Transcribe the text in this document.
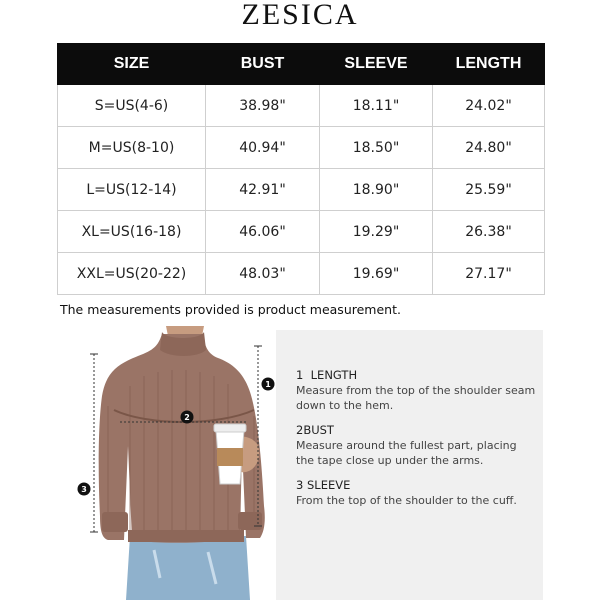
ZESICA
SIZE	BUST	SLEEVE	LENGTH
S=US(4-6)	38.98"	18.11"	24.02"
M=US(8-10)	40.94"	18.50"	24.80"
L=US(12-14)	42.91"	18.90"	25.59"
XL=US(16-18)	46.06"	19.29"	26.38"
XXL=US(20-22)	48.03"	19.69"	27.17"
The measurements provided is product measurement.
1
2
3
1 LENGTH
Measure from the top of the shoulder seam down to the hem.
2BUST
Measure around the fullest part, placing the tape close up under the arms.
3 SLEEVE
From the top of the shoulder to the cuff.
